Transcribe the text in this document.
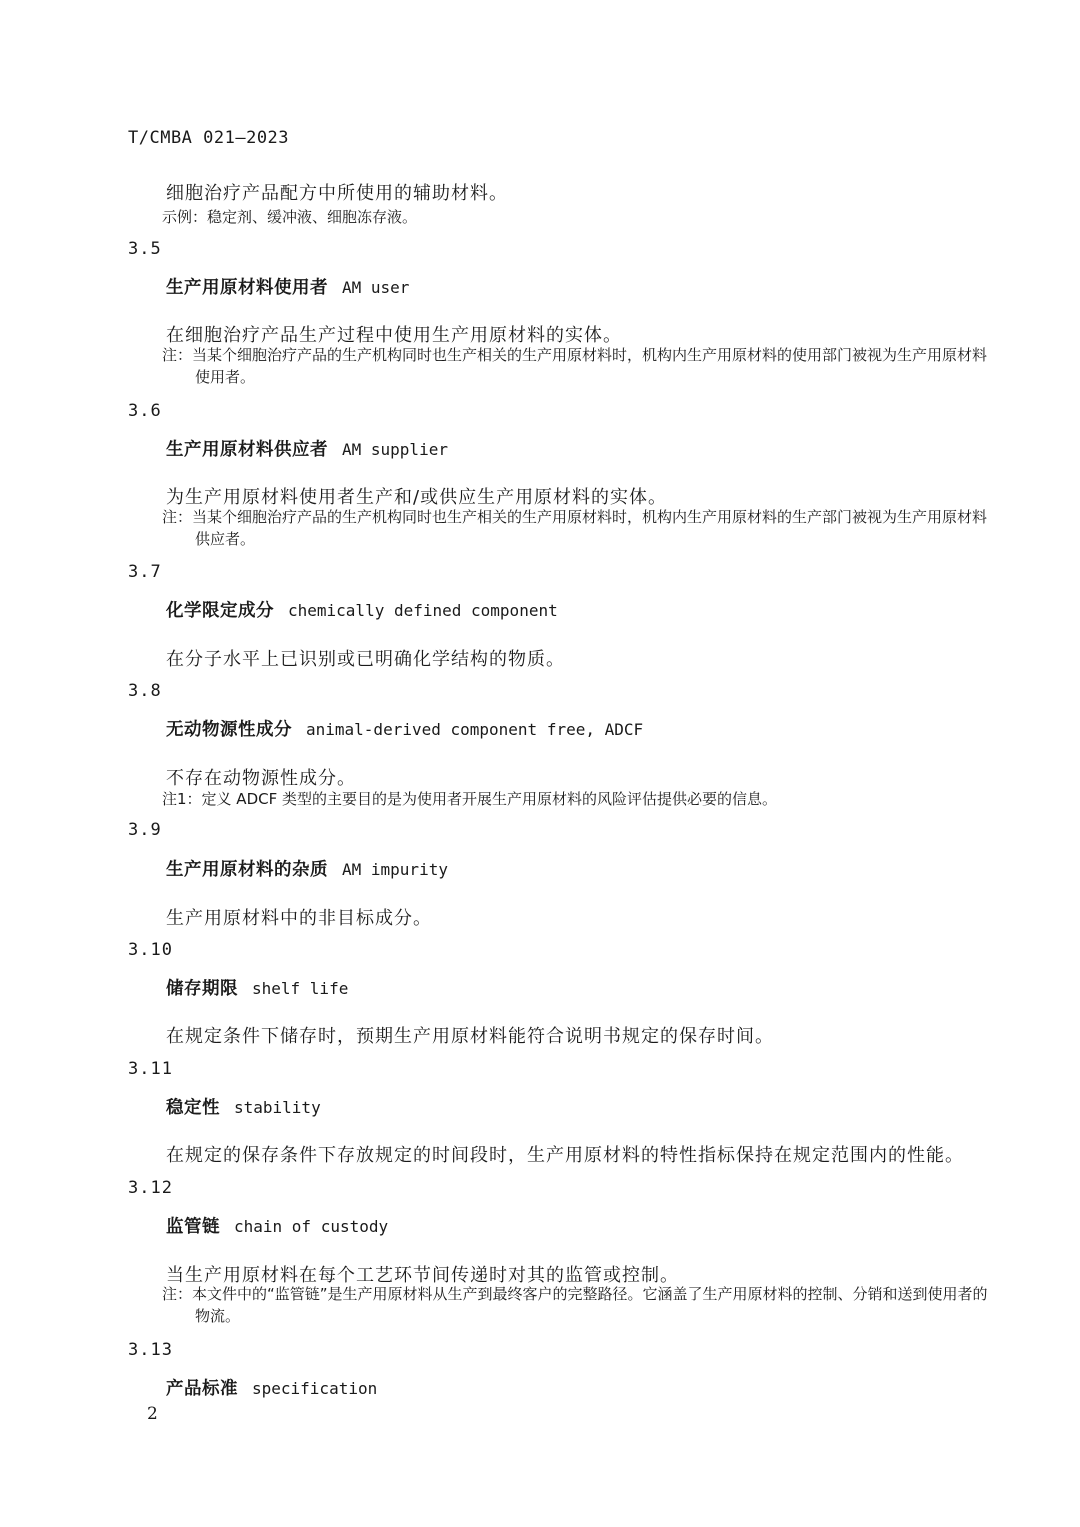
T/CMBA 021—2023
细胞治疗产品配方中所使用的辅助材料。
示例：稳定剂、缓冲液、细胞冻存液。
3.5
生产用原材料使用者 AM user
在细胞治疗产品生产过程中使用生产用原材料的实体。
注：当某个细胞治疗产品的生产机构同时也生产相关的生产用原材料时，机构内生产用原材料的使用部门被视为生产用原材料使用者。
3.6
生产用原材料供应者 AM supplier
为生产用原材料使用者生产和/或供应生产用原材料的实体。
注：当某个细胞治疗产品的生产机构同时也生产相关的生产用原材料时，机构内生产用原材料的生产部门被视为生产用原材料供应者。
3.7
化学限定成分 chemically defined component
在分子水平上已识别或已明确化学结构的物质。
3.8
无动物源性成分 animal-derived component free, ADCF
不存在动物源性成分。
注1：定义 ADCF 类型的主要目的是为使用者开展生产用原材料的风险评估提供必要的信息。
3.9
生产用原材料的杂质 AM impurity
生产用原材料中的非目标成分。
3.10
储存期限 shelf life
在规定条件下储存时，预期生产用原材料能符合说明书规定的保存时间。
3.11
稳定性 stability
在规定的保存条件下存放规定的时间段时，生产用原材料的特性指标保持在规定范围内的性能。
3.12
监管链 chain of custody
当生产用原材料在每个工艺环节间传递时对其的监管或控制。
注：本文件中的“监管链”是生产用原材料从生产到最终客户的完整路径。它涵盖了生产用原材料的控制、分销和送到使用者的物流。
3.13
产品标准 specification
2
